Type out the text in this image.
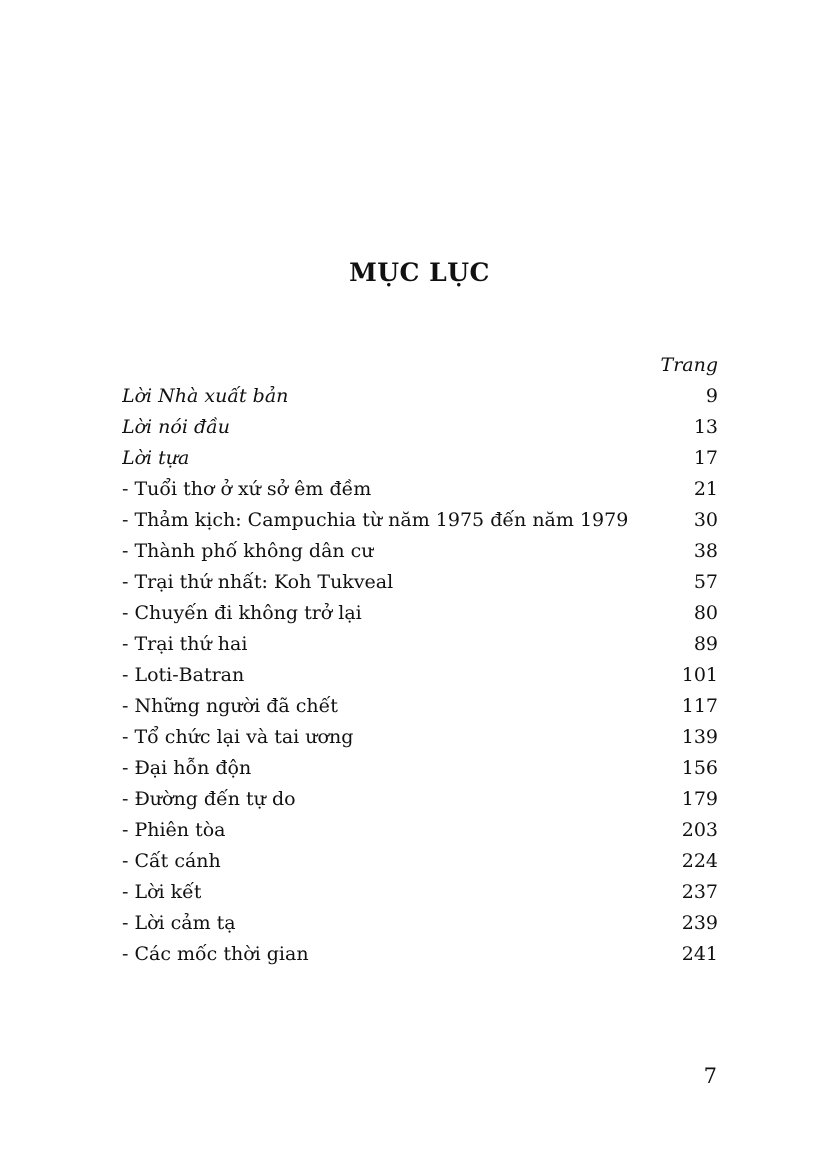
MỤC LỤC
Trang
Lời Nhà xuất bản	9
Lời nói đầu	13
Lời tựa	17
- Tuổi thơ ở xứ sở êm đềm	21
- Thảm kịch: Campuchia từ năm 1975 đến năm 1979	30
- Thành phố không dân cư	38
- Trại thứ nhất: Koh Tukveal	57
- Chuyến đi không trở lại	80
- Trại thứ hai	89
- Loti-Batran	101
- Những người đã chết	117
- Tổ chức lại và tai ương	139
- Đại hỗn độn	156
- Đường đến tự do	179
- Phiên tòa	203
- Cất cánh	224
- Lời kết	237
- Lời cảm tạ	239
- Các mốc thời gian	241
7
